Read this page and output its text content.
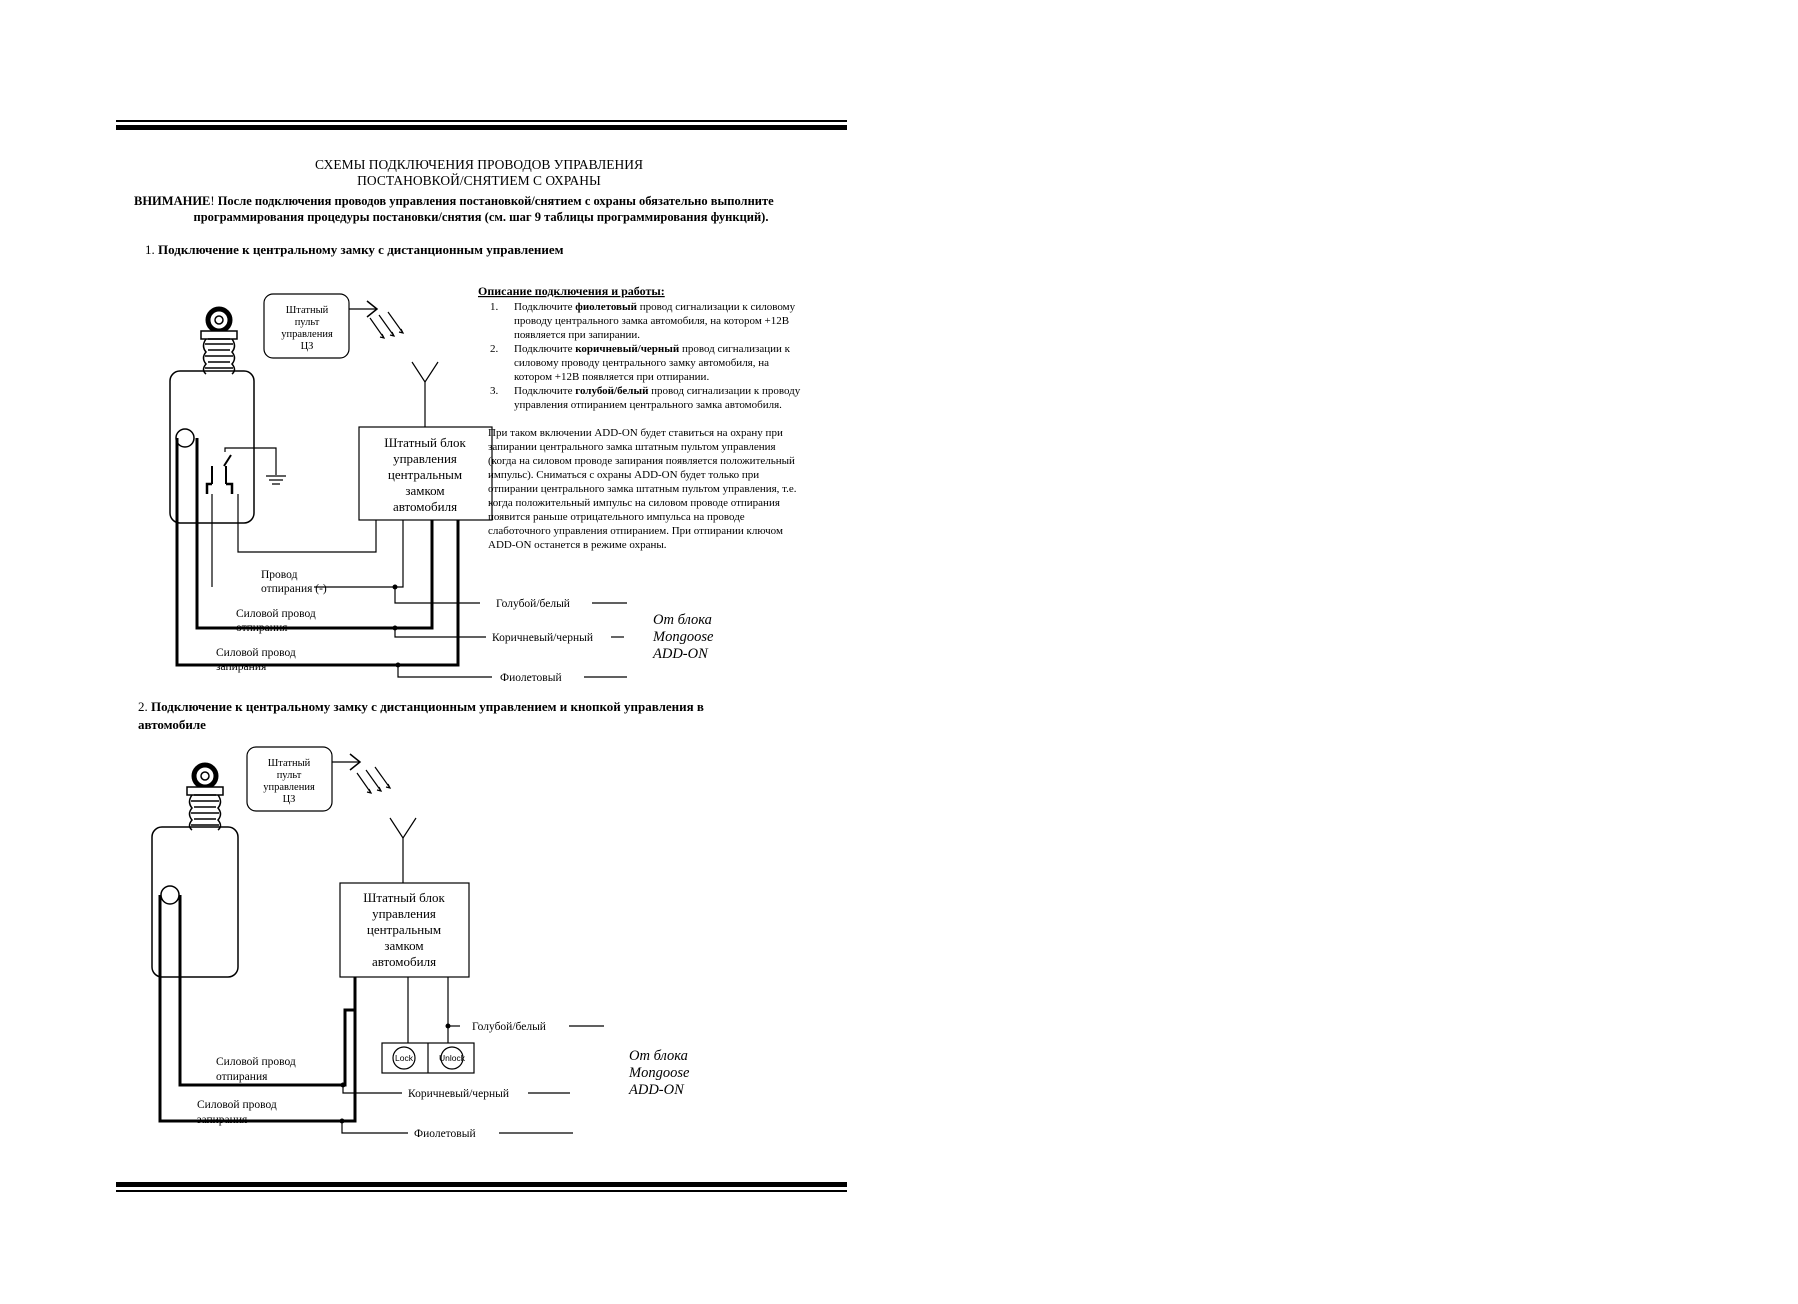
СХЕМЫ ПОДКЛЮЧЕНИЯ ПРОВОДОВ УПРАВЛЕНИЯ
ПОСТАНОВКОЙ/СНЯТИЕМ С ОХРАНЫ
ВНИМАНИЕ! После подключения проводов управления постановкой/снятием с охраны обязательно выполните
программирования процедуры постановки/снятия (см. шаг 9 таблицы программирования функций).
1. Подключение к центральному замку с дистанционным управлением
Штатный
пульт
управления
ЦЗ
Штатный блок
управления
центральным
замком
автомобиля
Провод
отпирания (-)
Силовой провод
отпирания
Силовой провод
запирания
Голубой/белый
Коричневый/черный
Фиолетовый
От блока
Mongoose
ADD-ON
Описание подключения и работы:
1. Подключите фиолетовый провод сигнализации к силовому
проводу центрального замка автомобиля, на котором +12В
появляется при запирании.
2. Подключите коричневый/черный провод сигнализации к
силовому проводу центрального замку автомобиля, на
котором +12В появляется при отпирании.
3. Подключите голубой/белый провод сигнализации к проводу
управления отпиранием центрального замка автомобиля.
При таком включении ADD-ON будет ставиться на охрану при
запирании центрального замка штатным пультом управления
(когда на силовом проводе запирания появляется положительный
импульс). Сниматься с охраны ADD-ON будет только при
отпирании центрального замка штатным пультом управления, т.е.
когда положительный импульс на силовом проводе отпирания
появится раньше отрицательного импульса на проводе
слаботочного управления отпиранием. При отпирании ключом
ADD-ON останется в режиме охраны.
2. Подключение к центральному замку с дистанционным управлением и кнопкой управления в
автомобиле
Штатный
пульт
управления
ЦЗ
Штатный блок
управления
центральным
замком
автомобиля
Lock	Unlock
Силовой провод
отпирания
Силовой провод
запирания
Голубой/белый
Коричневый/черный
Фиолетовый
От блока
Mongoose
ADD-ON
